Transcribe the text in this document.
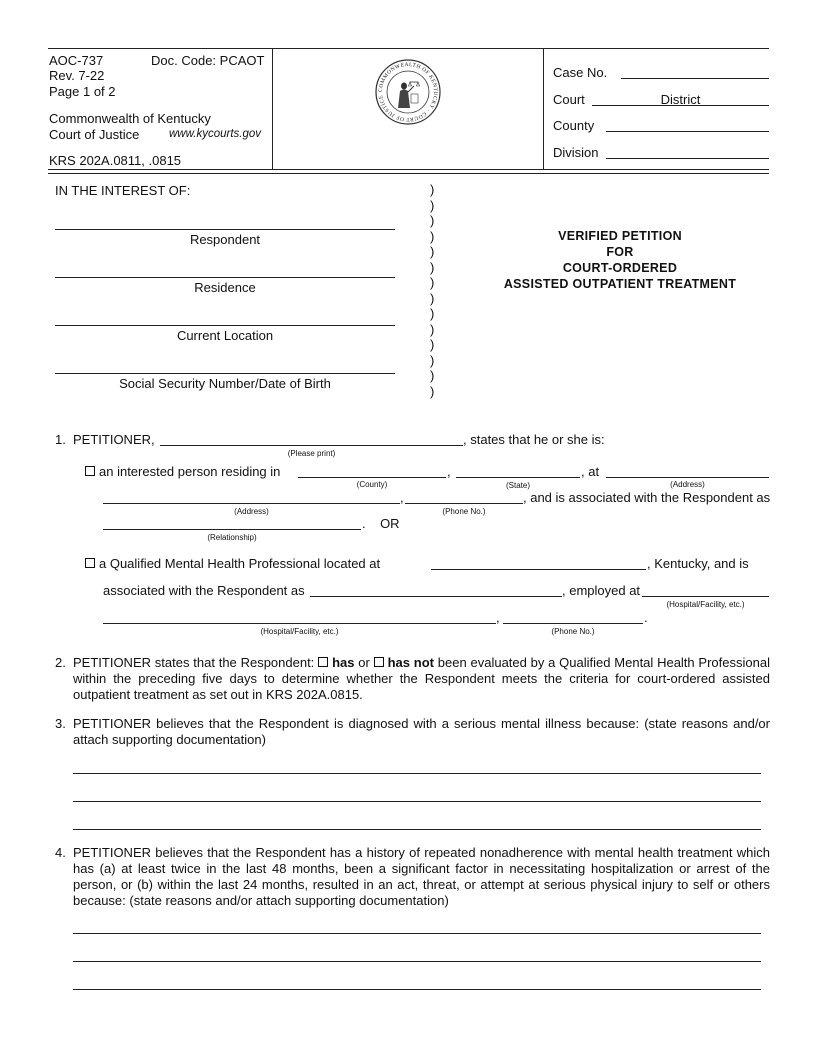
AOC-737	Doc. Code: PCAOT
Rev. 7-22
Page 1 of 2
Commonwealth of Kentucky
Court of Justice	www.kycourts.gov
KRS 202A.0811, .0815
COMMONWEALTH OF KENTUCKY · COURT OF JUSTICE
Case No.
Court	District
County
Division
IN THE INTEREST OF:
Respondent
Residence
Current Location
Social Security Number/Date of Birth
)
)
)
)
)
)
)
)
)
)
)
)
)
)
VERIFIED PETITION
FOR
COURT-ORDERED
ASSISTED OUTPATIENT TREATMENT
1. PETITIONER,	, states that he or she is:
(Please print)
an interested person residing in	,	, at
(County)	(State)	(Address)
,	, and is associated with the Respondent as
(Address)	(Phone No.)
.    OR
(Relationship)
a Qualified Mental Health Professional located at	, Kentucky, and is
associated with the Respondent as	, employed at
(Hospital/Facility, etc.)
,	.
(Hospital/Facility, etc.)	(Phone No.)
2. PETITIONER states that the Respondent: has or has not been evaluated by a Qualified Mental Health Professional within the preceding five days to determine whether the Respondent meets the criteria for court-ordered assisted outpatient treatment as set out in KRS 202A.0815.
3. PETITIONER believes that the Respondent is diagnosed with a serious mental illness because: (state reasons and/or attach supporting documentation)
4. PETITIONER believes that the Respondent has a history of repeated nonadherence with mental health treatment which has (a) at least twice in the last 48 months, been a significant factor in necessitating hospitalization or arrest of the person, or (b) within the last 24 months, resulted in an act, threat, or attempt at serious physical injury to self or others because: (state reasons and/or attach supporting documentation)
